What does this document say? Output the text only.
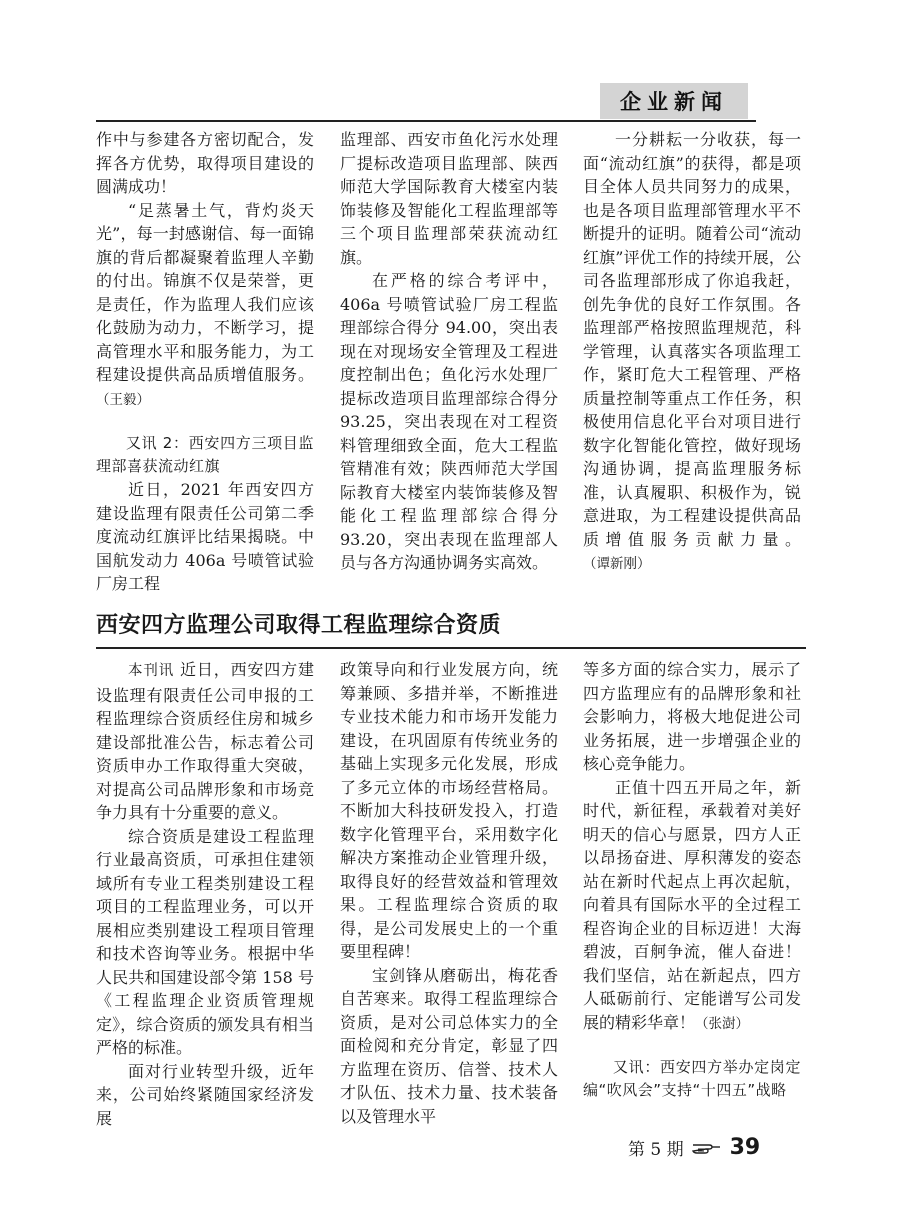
企业新闻

作中与参建各方密切配合，发挥各方优势，取得项目建设的圆满成功！

“足蒸暑土气，背灼炎天光”，每一封感谢信、每一面锦旗的背后都凝聚着监理人辛勤的付出。锦旗不仅是荣誉，更是责任，作为监理人我们应该化鼓励为动力，不断学习，提高管理水平和服务能力，为工程建设提供高品质增值服务。（王毅）

又讯 2：西安四方三项目监理部喜获流动红旗

近日，2021 年西安四方建设监理有限责任公司第二季度流动红旗评比结果揭晓。中国航发动力 406a 号喷管试验厂房工程

监理部、西安市鱼化污水处理厂提标改造项目监理部、陕西师范大学国际教育大楼室内装饰装修及智能化工程监理部等三个项目监理部荣获流动红旗。

在严格的综合考评中，406a 号喷管试验厂房工程监理部综合得分 94.00，突出表现在对现场安全管理及工程进度控制出色；鱼化污水处理厂提标改造项目监理部综合得分 93.25，突出表现在对工程资料管理细致全面，危大工程监管精准有效；陕西师范大学国际教育大楼室内装饰装修及智能化工程监理部综合得分 93.20，突出表现在监理部人员与各方沟通协调务实高效。

一分耕耘一分收获，每一面“流动红旗”的获得，都是项目全体人员共同努力的成果，也是各项目监理部管理水平不断提升的证明。随着公司“流动红旗”评优工作的持续开展，公司各监理部形成了你追我赶，创先争优的良好工作氛围。各监理部严格按照监理规范，科学管理，认真落实各项监理工作，紧盯危大工程管理、严格质量控制等重点工作任务，积极使用信息化平台对项目进行数字化智能化管控，做好现场沟通协调，提高监理服务标准，认真履职、积极作为，锐意进取，为工程建设提供高品质增值服务贡献力量。（谭新刚）

西安四方监理公司取得工程监理综合资质

本刊讯 近日，西安四方建设监理有限责任公司申报的工程监理综合资质经住房和城乡建设部批准公告，标志着公司资质申办工作取得重大突破，对提高公司品牌形象和市场竞争力具有十分重要的意义。

综合资质是建设工程监理行业最高资质，可承担住建领域所有专业工程类别建设工程项目的工程监理业务，可以开展相应类别建设工程项目管理和技术咨询等业务。根据中华人民共和国建设部令第 158 号《工程监理企业资质管理规定》，综合资质的颁发具有相当严格的标准。

面对行业转型升级，近年来，公司始终紧随国家经济发展

政策导向和行业发展方向，统筹兼顾、多措并举，不断推进专业技术能力和市场开发能力建设，在巩固原有传统业务的基础上实现多元化发展，形成了多元立体的市场经营格局。不断加大科技研发投入，打造数字化管理平台，采用数字化解决方案推动企业管理升级，取得良好的经营效益和管理效果。工程监理综合资质的取得，是公司发展史上的一个重要里程碑！

宝剑锋从磨砺出，梅花香自苦寒来。取得工程监理综合资质，是对公司总体实力的全面检阅和充分肯定，彰显了四方监理在资历、信誉、技术人才队伍、技术力量、技术装备以及管理水平

等多方面的综合实力，展示了四方监理应有的品牌形象和社会影响力，将极大地促进公司业务拓展，进一步增强企业的核心竞争能力。

正值十四五开局之年，新时代，新征程，承载着对美好明天的信心与愿景，四方人正以昂扬奋进、厚积薄发的姿态站在新时代起点上再次起航，向着具有国际水平的全过程工程咨询企业的目标迈进！大海碧波，百舸争流，催人奋进！我们坚信，站在新起点，四方人砥砺前行、定能谱写公司发展的精彩华章！（张澍）

又讯：西安四方举办定岗定编“吹风会”支持“十四五”战略

第 5 期 39
